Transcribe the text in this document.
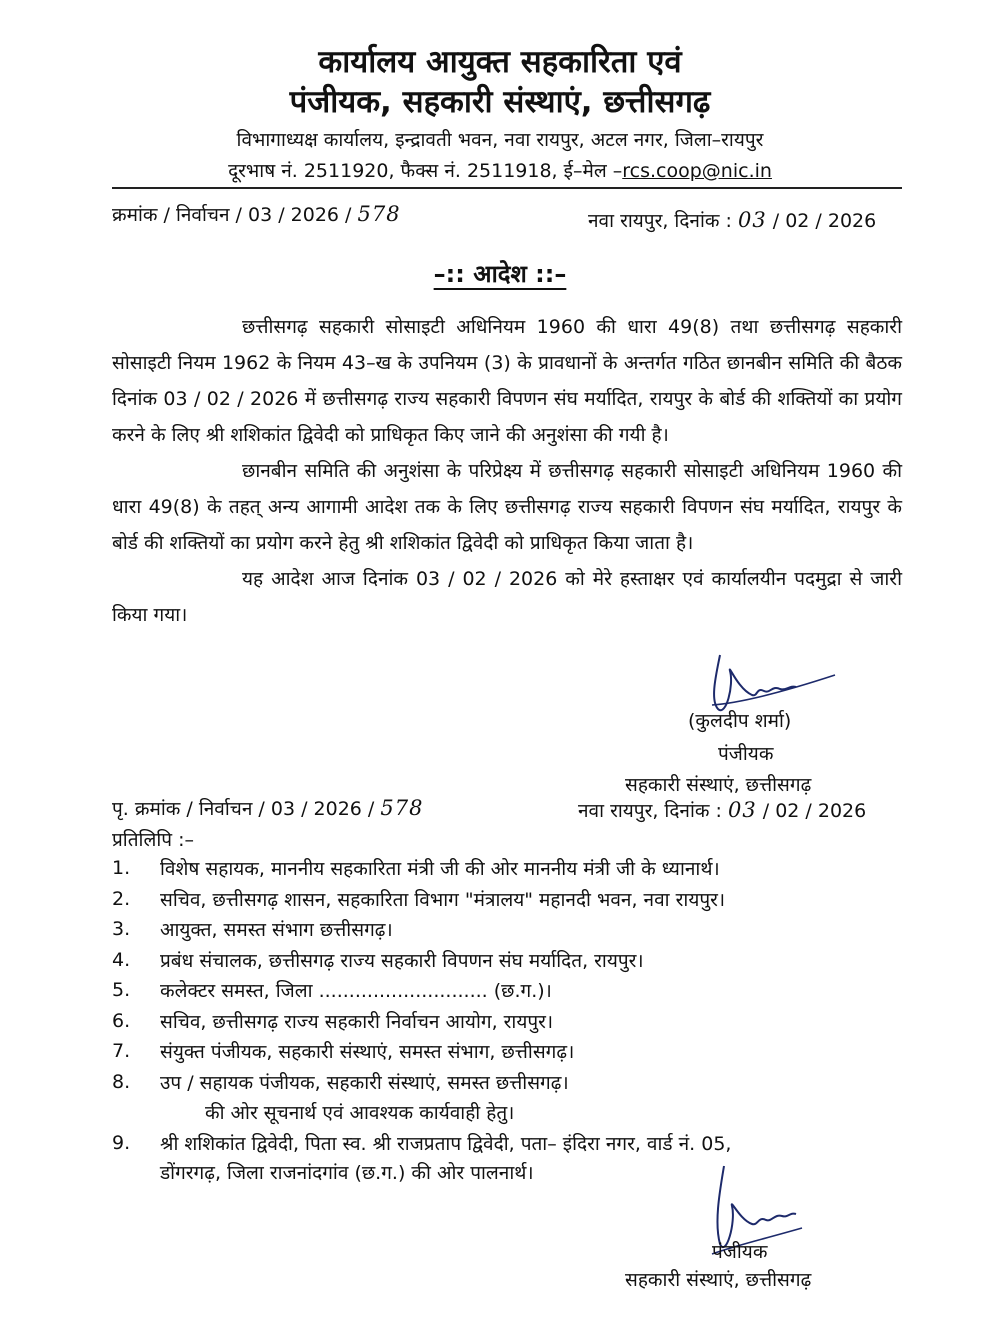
कार्यालय आयुक्त सहकारिता एवं
पंजीयक, सहकारी संस्थाएं, छत्तीसगढ़
विभागाध्यक्ष कार्यालय, इन्द्रावती भवन, नवा रायपुर, अटल नगर, जिला–रायपुर
दूरभाष नं. 2511920, फैक्स नं. 2511918, ई–मेल –rcs.coop@nic.in
क्रमांक / निर्वाचन / 03 / 2026 / 578	नवा रायपुर, दिनांक : 03 / 02 / 2026
–:: आदेश ::–

छत्तीसगढ़ सहकारी सोसाइटी अधिनियम 1960 की धारा 49(8) तथा छत्तीसगढ़ सहकारी सोसाइटी नियम 1962 के नियम 43–ख के उपनियम (3) के प्रावधानों के अन्तर्गत गठित छानबीन समिति की बैठक दिनांक 03 / 02 / 2026 में छत्तीसगढ़ राज्य सहकारी विपणन संघ मर्यादित, रायपुर के बोर्ड की शक्तियों का प्रयोग करने के लिए श्री शशिकांत द्विवेदी को प्राधिकृत किए जाने की अनुशंसा की गयी है।

छानबीन समिति की अनुशंसा के परिप्रेक्ष्य में छत्तीसगढ़ सहकारी सोसाइटी अधिनियम 1960 की धारा 49(8) के तहत् अन्य आगामी आदेश तक के लिए छत्तीसगढ़ राज्य सहकारी विपणन संघ मर्यादित, रायपुर के बोर्ड की शक्तियों का प्रयोग करने हेतु श्री शशिकांत द्विवेदी को प्राधिकृत किया जाता है।

यह आदेश आज दिनांक 03 / 02 / 2026 को मेरे हस्ताक्षर एवं कार्यालयीन पदमुद्रा से जारी किया गया।

(कुलदीप शर्मा)
पंजीयक
सहकारी संस्थाएं, छत्तीसगढ़
पृ. क्रमांक / निर्वाचन / 03 / 2026 / 578	नवा रायपुर, दिनांक : 03 / 02 / 2026
प्रतिलिपि :–
1. विशेष सहायक, माननीय सहकारिता मंत्री जी की ओर माननीय मंत्री जी के ध्यानार्थ।
2. सचिव, छत्तीसगढ़ शासन, सहकारिता विभाग "मंत्रालय" महानदी भवन, नवा रायपुर।
3. आयुक्त, समस्त संभाग छत्तीसगढ़।
4. प्रबंध संचालक, छत्तीसगढ़ राज्य सहकारी विपणन संघ मर्यादित, रायपुर।
5. कलेक्टर समस्त, जिला ............................ (छ.ग.)।
6. सचिव, छत्तीसगढ़ राज्य सहकारी निर्वाचन आयोग, रायपुर।
7. संयुक्त पंजीयक, सहकारी संस्थाएं, समस्त संभाग, छत्तीसगढ़।
8. उप / सहायक पंजीयक, सहकारी संस्थाएं, समस्त छत्तीसगढ़।
की ओर सूचनार्थ एवं आवश्यक कार्यवाही हेतु।
9. श्री शशिकांत द्विवेदी, पिता स्व. श्री राजप्रताप द्विवेदी, पता– इंदिरा नगर, वार्ड नं. 05,
डोंगरगढ़, जिला राजनांदगांव (छ.ग.) की ओर पालनार्थ।
पंजीयक
सहकारी संस्थाएं, छत्तीसगढ़
